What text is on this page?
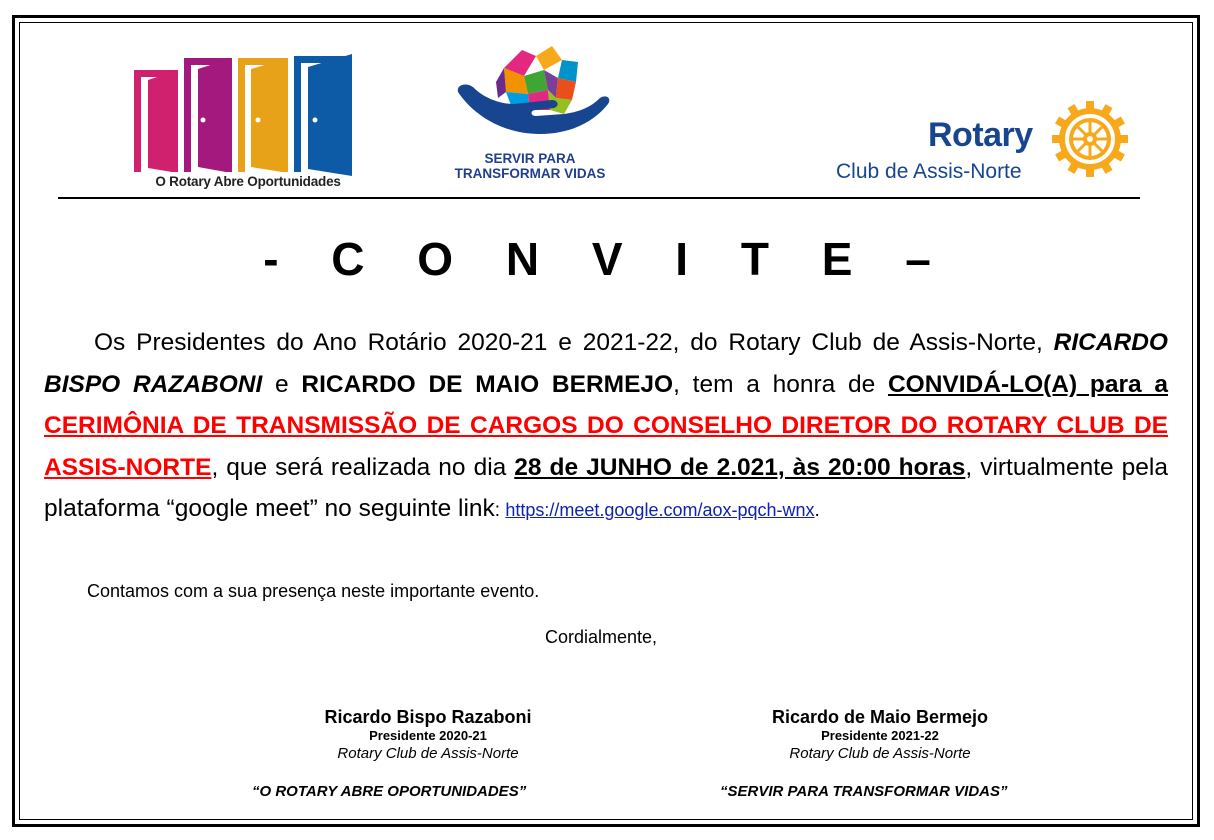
O Rotary Abre Oportunidades
SERVIR PARA
TRANSFORMAR VIDAS
Rotary
Club de Assis-Norte
- C O N V I T E –
Os Presidentes do Ano Rotário 2020-21 e 2021-22, do Rotary Club de Assis-Norte, RICARDO BISPO RAZABONI e RICARDO DE MAIO BERMEJO, tem a honra de CONVIDÁ-LO(A) para a CERIMÔNIA DE TRANSMISSÃO DE CARGOS DO CONSELHO DIRETOR DO ROTARY CLUB DE ASSIS-NORTE, que será realizada no dia 28 de JUNHO de 2.021, às 20:00 horas, virtualmente pela plataforma “google meet” no seguinte link: https://meet.google.com/aox-pqch-wnx.
Contamos com a sua presença neste importante evento.
Cordialmente,
Ricardo Bispo Razaboni
Presidente 2020-21
Rotary Club de Assis-Norte
Ricardo de Maio Bermejo
Presidente 2021-22
Rotary Club de Assis-Norte
“O ROTARY ABRE OPORTUNIDADES”	“SERVIR PARA TRANSFORMAR VIDAS”
